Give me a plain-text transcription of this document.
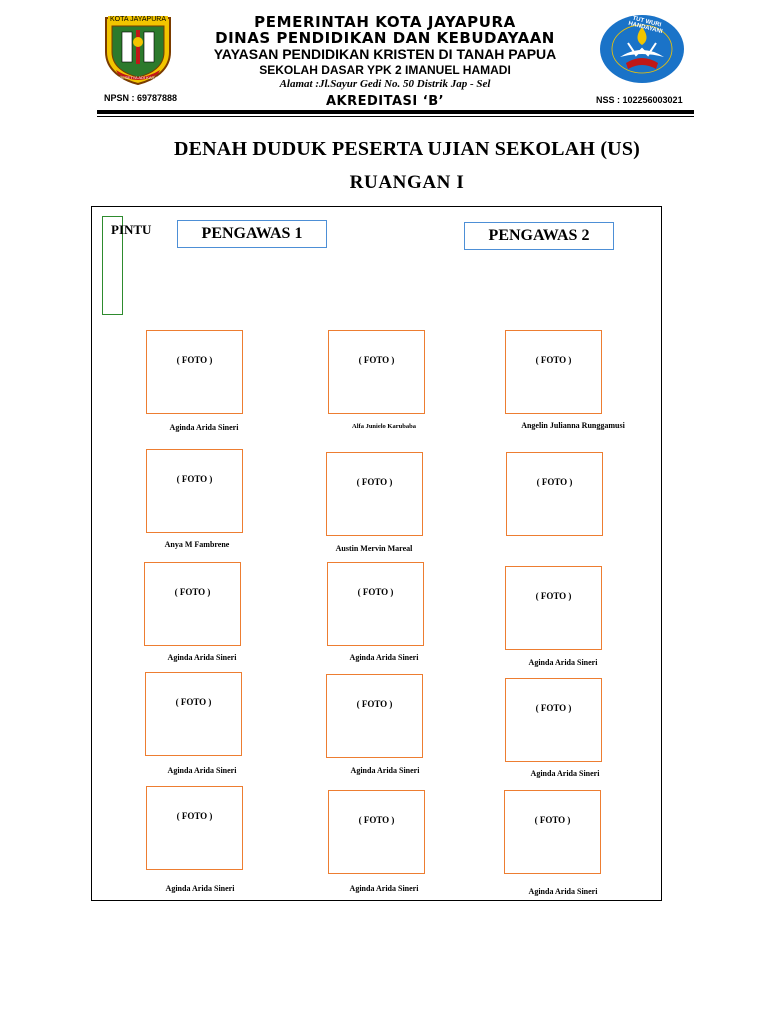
KOTA JAYAPURA
PRESETYA ADI KARYA
TUT WURI HANDAYANI
PEMERINTAH KOTA JAYAPURA
DINAS PENDIDIKAN DAN KEBUDAYAAN
YAYASAN PENDIDIKAN KRISTEN DI TANAH PAPUA
SEKOLAH DASAR YPK 2 IMANUEL HAMADI
Alamat :Jl.Sayur Gedi No. 50 Distrik Jap - Sel
AKREDITASI ‘B’
NPSN : 69787888	NSS : 102256003021
DENAH DUDUK PESERTA UJIAN SEKOLAH (US)
RUANGAN I
PINTU	PENGAWAS 1	PENGAWAS 2
( FOTO )	( FOTO )	( FOTO )
Aginda Arida Sineri	Alfa Junielo Karubaba	Angelin Julianna Runggamusi
( FOTO )	( FOTO )	( FOTO )
Anya M Fambrene	Austin Mervin Mareal
( FOTO )	( FOTO )	( FOTO )
Aginda Arida Sineri	Aginda Arida Sineri
Aginda Arida Sineri
( FOTO )	( FOTO )	( FOTO )
Aginda Arida Sineri	Aginda Arida Sineri	Aginda Arida Sineri
( FOTO )	( FOTO )	( FOTO )
Aginda Arida Sineri	Aginda Arida Sineri	Aginda Arida Sineri
